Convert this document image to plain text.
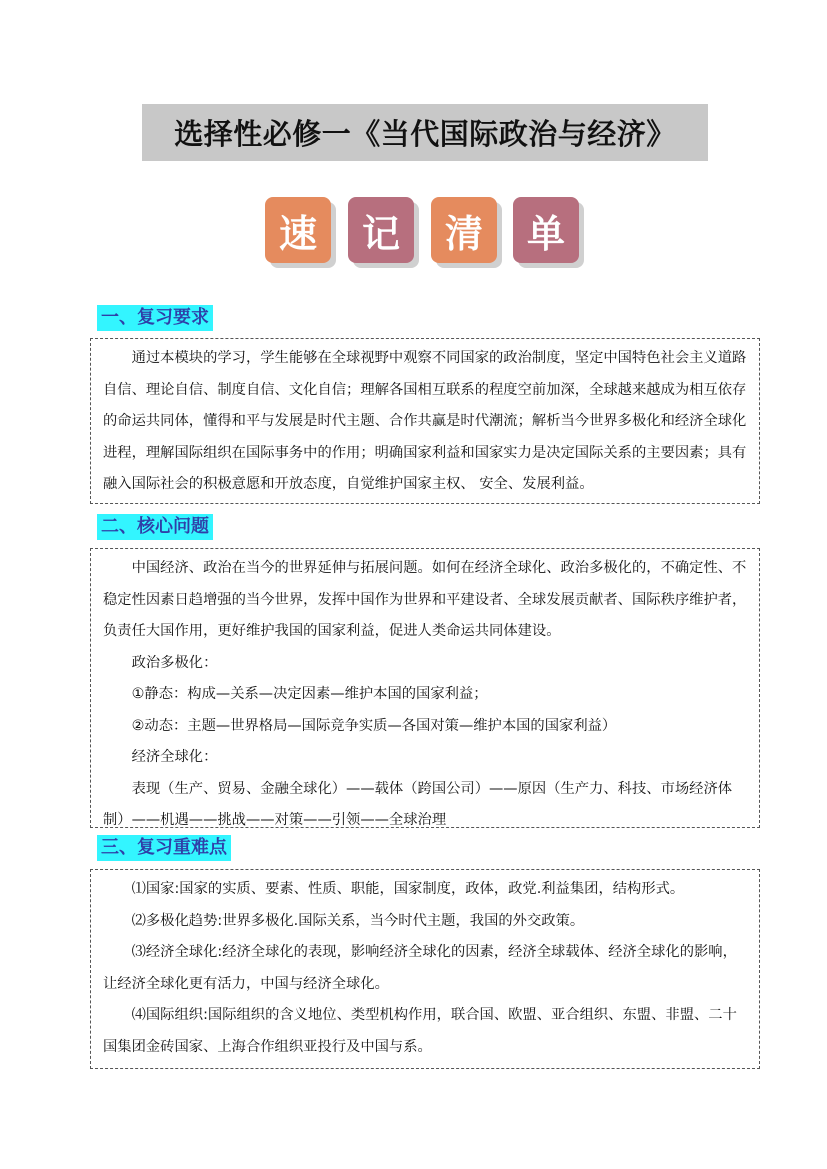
选择性必修一《当代国际政治与经济》
速	记	清	单
一、复习要求

通过本模块的学习，学生能够在全球视野中观察不同国家的政治制度，坚定中国特色社会主义道路自信、理论自信、制度自信、文化自信；理解各国相互联系的程度空前加深，全球越来越成为相互依存的命运共同体，懂得和平与发展是时代主题、合作共赢是时代潮流；解析当今世界多极化和经济全球化进程，理解国际组织在国际事务中的作用；明确国家利益和国家实力是决定国际关系的主要因素；具有融入国际社会的积极意愿和开放态度，自觉维护国家主权、 安全、发展利益。

二、核心问题

中国经济、政治在当今的世界延伸与拓展问题。如何在经济全球化、政治多极化的，不确定性、不稳定性因素日趋增强的当今世界，发挥中国作为世界和平建设者、全球发展贡献者、国际秩序维护者，负责任大国作用，更好维护我国的国家利益，促进人类命运共同体建设。

政治多极化：

①静态：构成—关系—决定因素—维护本国的国家利益；

②动态：主题—世界格局—国际竞争实质—各国对策—维护本国的国家利益）

经济全球化：

表现（生产、贸易、金融全球化）——载体（跨国公司）——原因（生产力、科技、市场经济体制）——机遇——挑战——对策——引领——全球治理

三、复习重难点

⑴国家:国家的实质、要素、性质、职能，国家制度，政体，政党.利益集团，结构形式。

⑵多极化趋势:世界多极化.国际关系，当今时代主题，我国的外交政策。

⑶经济全球化:经济全球化的表现，影响经济全球化的因素，经济全球载体、经济全球化的影响，让经济全球化更有活力，中国与经济全球化。

⑷国际组织:国际组织的含义地位、类型机构作用，联合国、欧盟、亚合组织、东盟、非盟、二十国集团金砖国家、上海合作组织亚投行及中国与系。
